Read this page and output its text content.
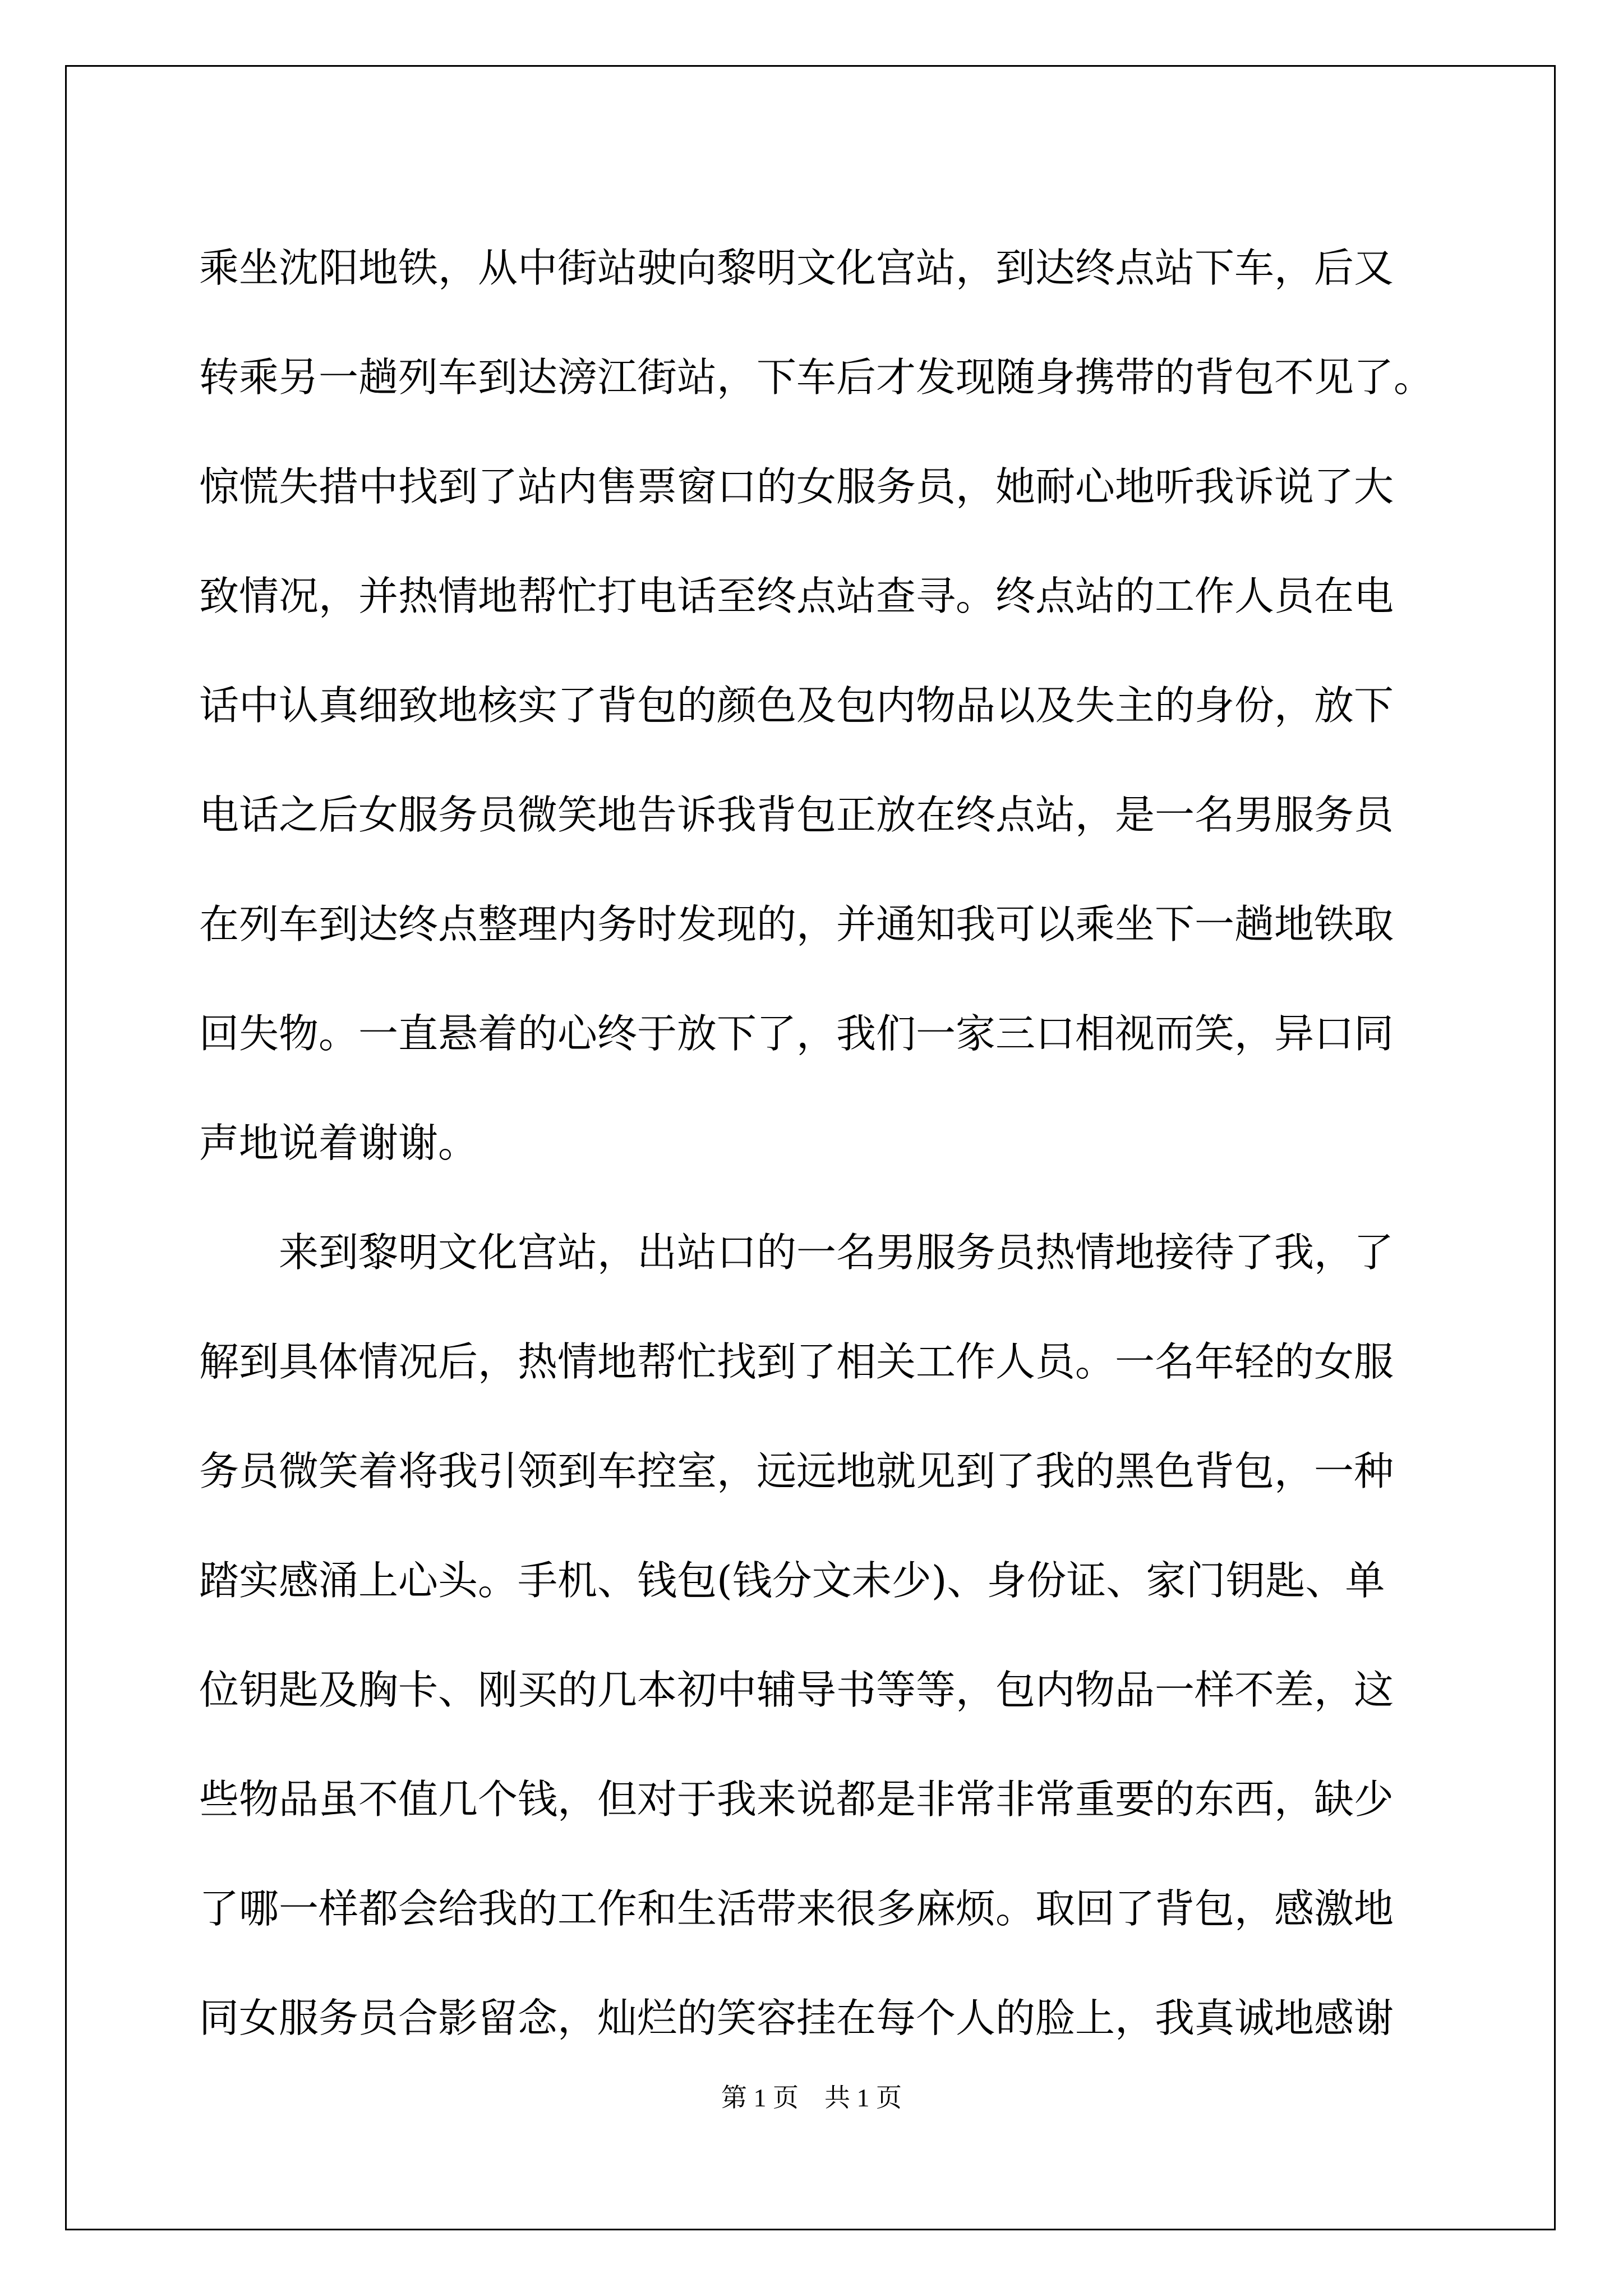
乘坐沈阳地铁，从中街站驶向黎明文化宫站，到达终点站下车，后又
转乘另一趟列车到达滂江街站，下车后才发现随身携带的背包不见了。
惊慌失措中找到了站内售票窗口的女服务员，她耐心地听我诉说了大
致情况，并热情地帮忙打电话至终点站查寻。终点站的工作人员在电
话中认真细致地核实了背包的颜色及包内物品以及失主的身份，放下
电话之后女服务员微笑地告诉我背包正放在终点站，是一名男服务员
在列车到达终点整理内务时发现的，并通知我可以乘坐下一趟地铁取
回失物。一直悬着的心终于放下了，我们一家三口相视而笑，异口同
声地说着谢谢。
来到黎明文化宫站，出站口的一名男服务员热情地接待了我，了
解到具体情况后，热情地帮忙找到了相关工作人员。一名年轻的女服
务员微笑着将我引领到车控室，远远地就见到了我的黑色背包，一种
踏实感涌上心头。手机、钱包(钱分文未少)、身份证、家门钥匙、单
位钥匙及胸卡、刚买的几本初中辅导书等等，包内物品一样不差，这
些物品虽不值几个钱，但对于我来说都是非常非常重要的东西，缺少
了哪一样都会给我的工作和生活带来很多麻烦。取回了背包，感激地
同女服务员合影留念，灿烂的笑容挂在每个人的脸上，我真诚地感谢
第 1 页 共 1 页
